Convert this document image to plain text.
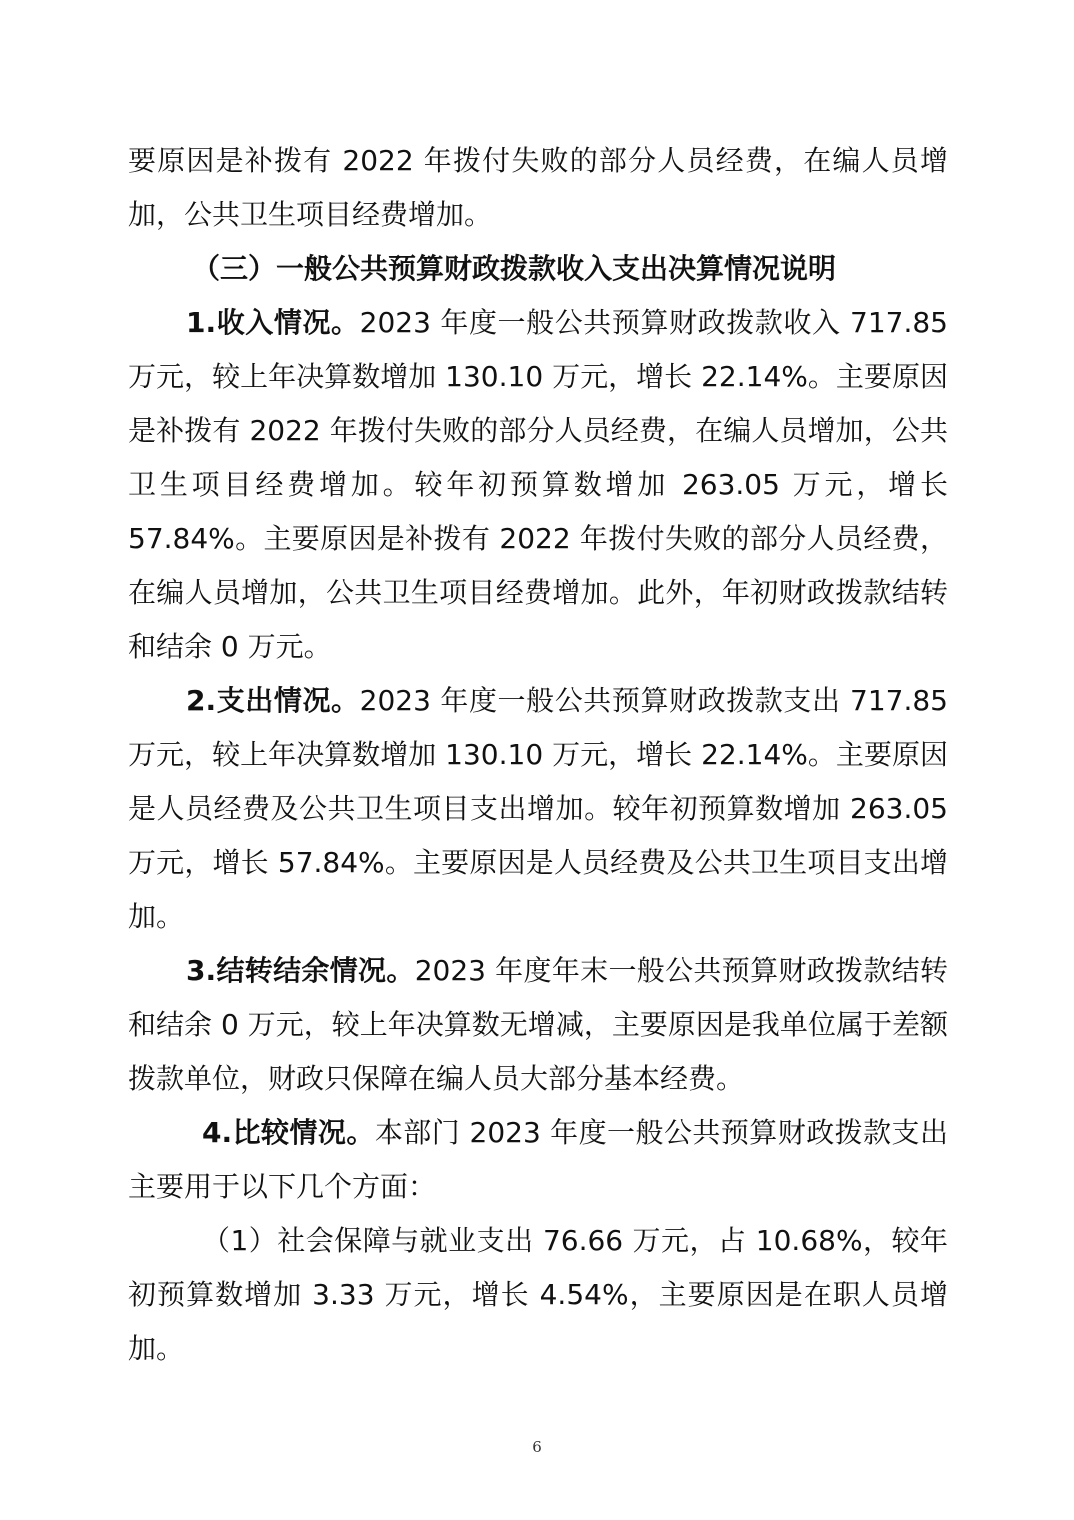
要原因是补拨有 2022 年拨付失败的部分人员经费，在编人员增加，公共卫生项目经费增加。

（三）一般公共预算财政拨款收入支出决算情况说明

1.收入情况。2023 年度一般公共预算财政拨款收入 717.85 万元，较上年决算数增加 130.10 万元，增长 22.14%。主要原因是补拨有 2022 年拨付失败的部分人员经费，在编人员增加，公共卫生项目经费增加。较年初预算数增加 263.05 万元，增长 57.84%。主要原因是补拨有 2022 年拨付失败的部分人员经费，在编人员增加，公共卫生项目经费增加。此外，年初财政拨款结转和结余 0 万元。

2.支出情况。2023 年度一般公共预算财政拨款支出 717.85 万元，较上年决算数增加 130.10 万元，增长 22.14%。主要原因是人员经费及公共卫生项目支出增加。较年初预算数增加 263.05 万元，增长 57.84%。主要原因是人员经费及公共卫生项目支出增加。

3.结转结余情况。2023 年度年末一般公共预算财政拨款结转和结余 0 万元，较上年决算数无增减，主要原因是我单位属于差额拨款单位，财政只保障在编人员大部分基本经费。

4.比较情况。本部门 2023 年度一般公共预算财政拨款支出主要用于以下几个方面：

（1）社会保障与就业支出 76.66 万元，占 10.68%，较年初预算数增加 3.33 万元，增长 4.54%，主要原因是在职人员增加。

6
